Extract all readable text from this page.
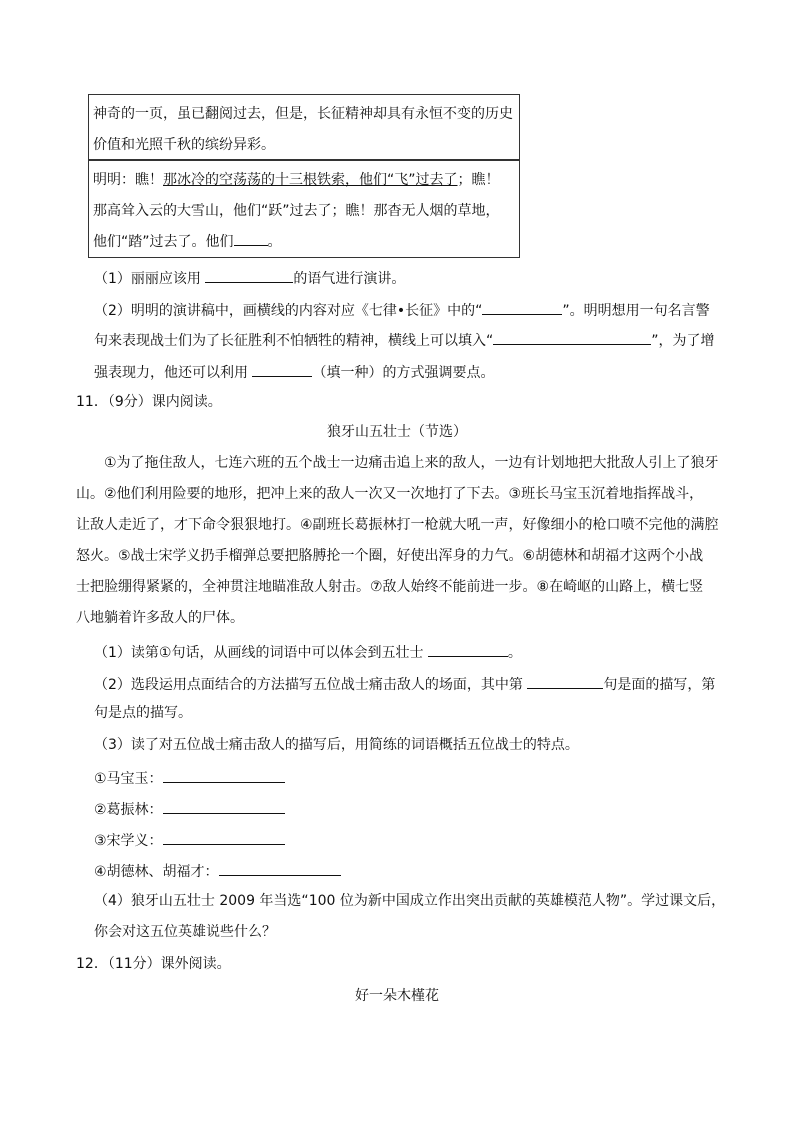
神奇的一页，虽已翻阅过去，但是，长征精神却具有永恒不变的历史
价值和光照千秋的缤纷异彩。
明明：瞧！那冰冷的空荡荡的十三根铁索，他们“飞”过去了；瞧！
那高耸入云的大雪山，他们“跃”过去了；瞧！那杳无人烟的草地，
他们“踏”过去了。他们 。
（1）丽丽应该用	的语气进行演讲。
（2）明明的演讲稿中，画横线的内容对应《七律•长征》中的“	”。明明想用一句名言警
句来表现战士们为了长征胜利不怕牺牲的精神，横线上可以填入“	”，为了增
强表现力，他还可以利用	（填一种）的方式强调要点。
11．（9分）课内阅读。
狼牙山五壮士（节选）
①为了拖住敌人，七连六班的五个战士一边痛击追上来的敌人，一边有计划地把大批敌人引上了狼牙
山。②他们利用险要的地形，把冲上来的敌人一次又一次地打了下去。③班长马宝玉沉着地指挥战斗，
让敌人走近了，才下命令狠狠地打。④副班长葛振林打一枪就大吼一声，好像细小的枪口喷不完他的满腔
怒火。⑤战士宋学义扔手榴弹总要把胳膊抡一个圈，好使出浑身的力气。⑥胡德林和胡福才这两个小战
士把脸绷得紧紧的，全神贯注地瞄准敌人射击。⑦敌人始终不能前进一步。⑧在崎岖的山路上，横七竖
八地躺着许多敌人的尸体。
（1）读第①句话，从画线的词语中可以体会到五壮士	。
（2）选段运用点面结合的方法描写五位战士痛击敌人的场面，其中第	句是面的描写，第
句是点的描写。
（3）读了对五位战士痛击敌人的描写后，用简练的词语概括五位战士的特点。
①马宝玉：
②葛振林：
③宋学义：
④胡德林、胡福才：
（4）狼牙山五壮士 2009 年当选“100 位为新中国成立作出突出贡献的英雄模范人物”。学过课文后，
你会对这五位英雄说些什么？
12．（11分）课外阅读。
好一朵木槿花
